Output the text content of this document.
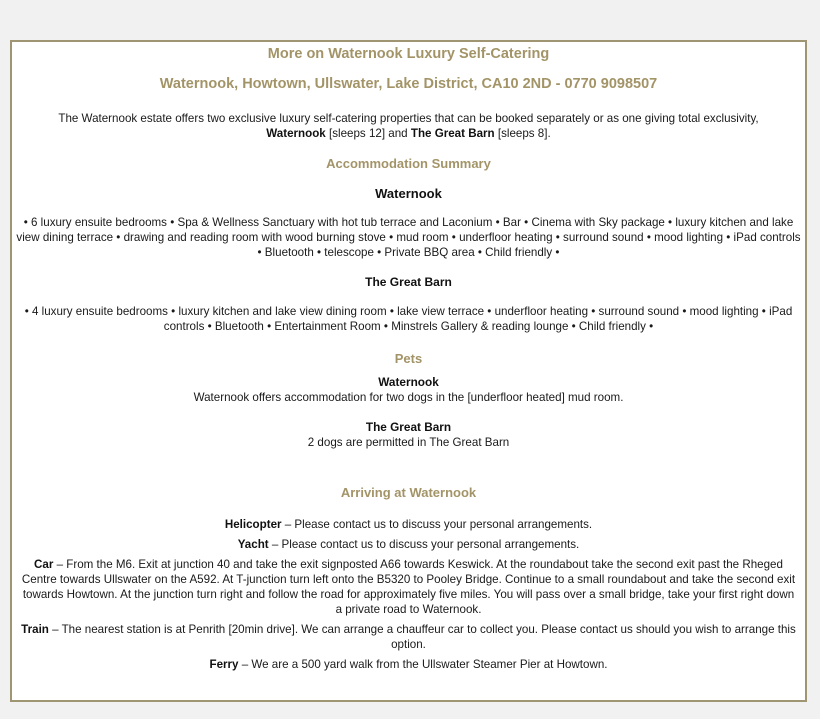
More on Waternook Luxury Self-Catering
Waternook, Howtown, Ullswater, Lake District, CA10 2ND - 0770 9098507
The Waternook estate offers two exclusive luxury self-catering properties that can be booked separately or as one giving total exclusivity,
Waternook [sleeps 12] and The Great Barn [sleeps 8].
Accommodation Summary
Waternook
• 6 luxury ensuite bedrooms • Spa & Wellness Sanctuary with hot tub terrace and Laconium • Bar • Cinema with Sky package • luxury kitchen and lake view dining terrace • drawing and reading room with wood burning stove • mud room • underfloor heating • surround sound • mood lighting • iPad controls • Bluetooth • telescope • Private BBQ area • Child friendly •
The Great Barn
• 4 luxury ensuite bedrooms • luxury kitchen and lake view dining room • lake view terrace • underfloor heating • surround sound • mood lighting • iPad controls • Bluetooth • Entertainment Room • Minstrels Gallery & reading lounge • Child friendly •
Pets
Waternook
Waternook offers accommodation for two dogs in the [underfloor heated] mud room.
The Great Barn
2 dogs are permitted in The Great Barn
Arriving at Waternook

Helicopter – Please contact us to discuss your personal arrangements.

Yacht – Please contact us to discuss your personal arrangements.

Car – From the M6. Exit at junction 40 and take the exit signposted A66 towards Keswick. At the roundabout take the second exit past the Rheged Centre towards Ullswater on the A592. At T-junction turn left onto the B5320 to Pooley Bridge. Continue to a small roundabout and take the second exit towards Howtown. At the junction turn right and follow the road for approximately five miles. You will pass over a small bridge, take your first right down a private road to Waternook.

Train – The nearest station is at Penrith [20min drive]. We can arrange a chauffeur car to collect you. Please contact us should you wish to arrange this option.

Ferry – We are a 500 yard walk from the Ullswater Steamer Pier at Howtown.
